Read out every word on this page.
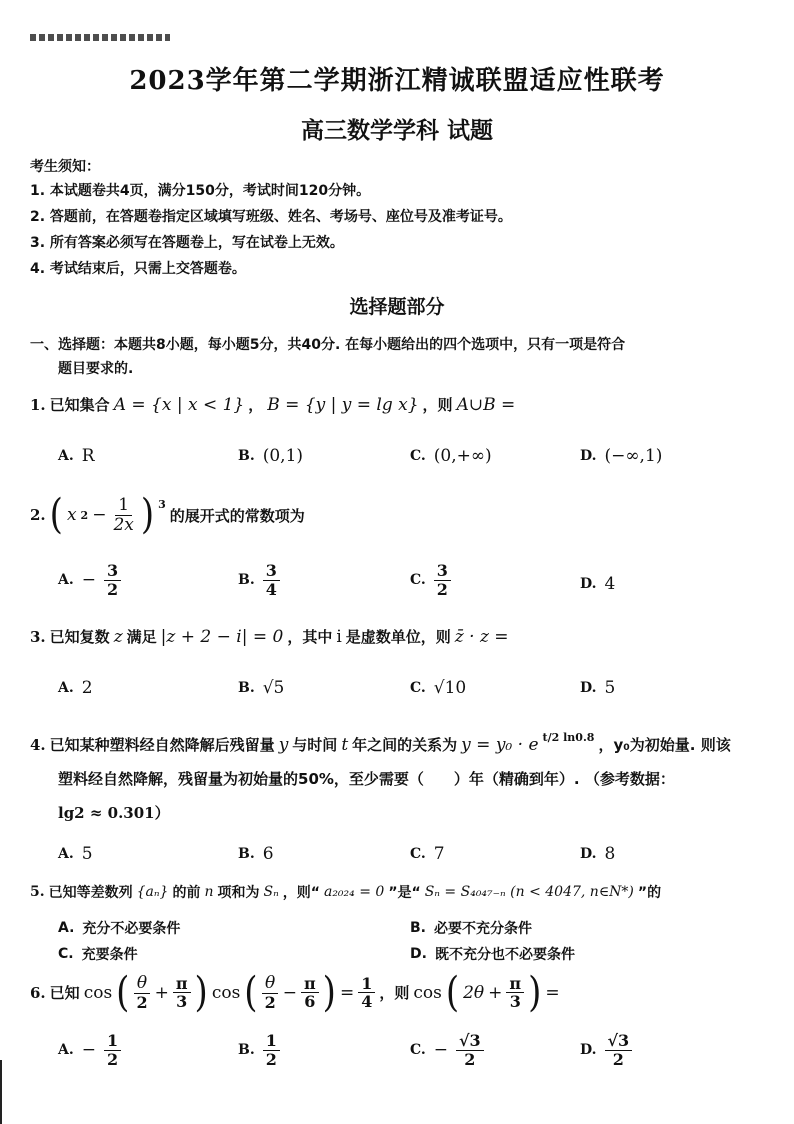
2023学年第二学期浙江精诚联盟适应性联考
高三数学学科 试题
考生须知：
1. 本试题卷共4页，满分150分，考试时间120分钟。
2. 答题前，在答题卷指定区域填写班级、姓名、考场号、座位号及准考证号。
3. 所有答案必须写在答题卷上，写在试卷上无效。
4. 考试结束后，只需上交答题卷。
选择题部分
一、选择题：本题共8小题，每小题5分，共40分. 在每小题给出的四个选项中，只有一项是符合
题目要求的.
1. 已知集合 A = {x | x < 1} ， B = {y | y = lg x} ，则 A∪B =
A. R	B. (0,1)	C. (0,+∞)	D. (−∞,1)
2. ( x $2 - \frac{1}{2x}$ ) 3
的展开式的常数项为
A. − $\frac{3}{2}$	B. $\frac{3}{4}$	C. $\frac{3}{2}$	D. 4
3. 已知复数 z 满足 |z + 2 − i| = 0 ，其中 i 是虚数单位，则 z̄ · z =
A. 2	B. √5	C. √10	D. 5
4. 已知某种塑料经自然降解后残留量 y 与时间 t 年之间的关系为 y = y₀ · e t/2 ln0.8 ，y₀为初始量. 则该
塑料经自然降解，残留量为初始量的50%，至少需要（　　）年（精确到年）. （参考数据：
lg2 ≈ 0.301）
A. 5	B. 6	C. 7	D. 8
5. 已知等差数列 {aₙ} 的前 n 项和为 Sₙ ，则“ a₂₀₂₄ = 0 ”是“ Sₙ = S₄₀₄₇₋ₙ (n < 4047, n∈N*) ”的
A. 充分不必要条件	B. 必要不充分条件
C. 充要条件	D. 既不充分也不必要条件
6. 已知 cos ( $\frac{\theta}{2} + \frac{\pi}{3}$ ) cos ( $\frac{\theta}{2} - \frac{\pi}{6}$ ) = $\frac{1}{4}$ ，则 cos ( $2\theta + \frac{\pi}{3}$ ) =
A. − $\frac{1}{2}$	B. $\frac{1}{2}$	C. − $\frac{√3}{2}$	D. $\frac{√3}{2}$
